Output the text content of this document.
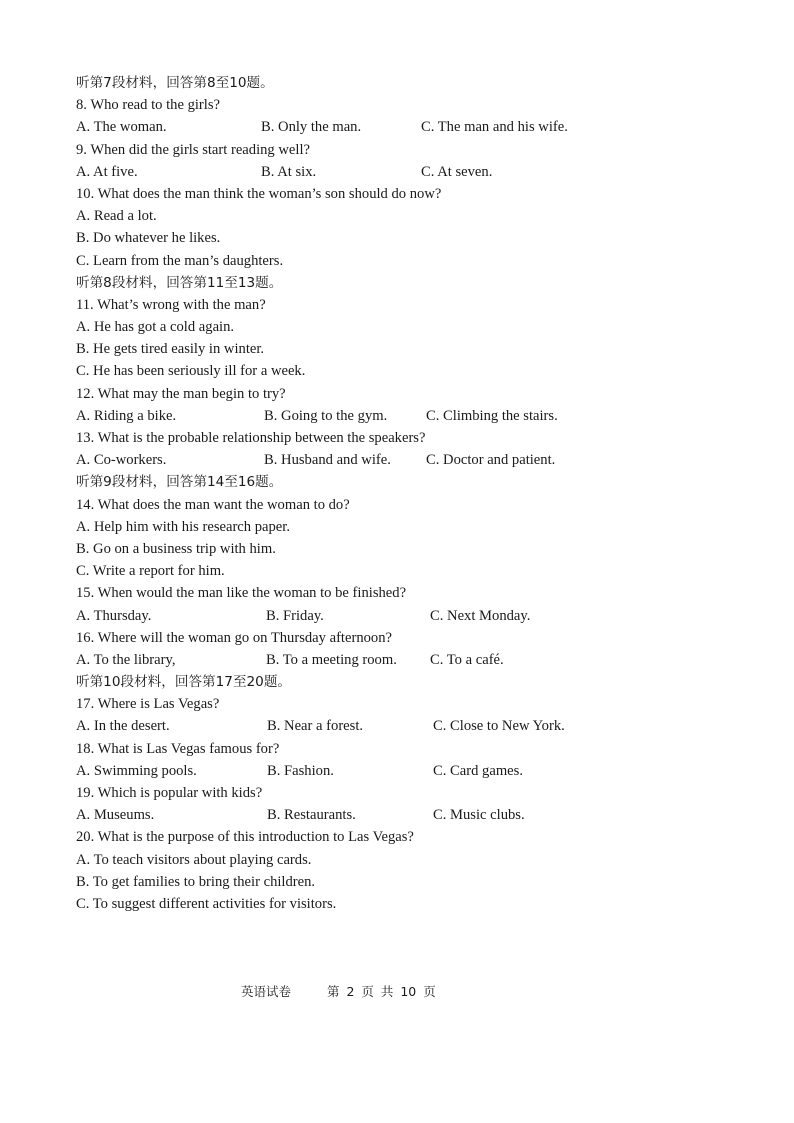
听第7段材料，回答第8至10题。
8. Who read to the girls?
A. The woman.	B. Only the man.	C. The man and his wife.
9. When did the girls start reading well?
A. At five.	B. At six.	C. At seven.
10. What does the man think the woman’s son should do now?
A. Read a lot.
B. Do whatever he likes.
C. Learn from the man’s daughters.
听第8段材料，回答第11至13题。
11. What’s wrong with the man?
A. He has got a cold again.
B. He gets tired easily in winter.
C. He has been seriously ill for a week.
12. What may the man begin to try?
A. Riding a bike.	B. Going to the gym.	C. Climbing the stairs.
13. What is the probable relationship between the speakers?
A. Co-workers.	B. Husband and wife.	C. Doctor and patient.
听第9段材料，回答第14至16题。
14. What does the man want the woman to do?
A. Help him with his research paper.
B. Go on a business trip with him.
C. Write a report for him.
15. When would the man like the woman to be finished?
A. Thursday.	B. Friday.	C. Next Monday.
16. Where will the woman go on Thursday afternoon?
A. To the library,	B. To a meeting room.	C. To a café.
听第10段材料，回答第17至20题。
17. Where is Las Vegas?
A. In the desert.	B. Near a forest.	C. Close to New York.
18. What is Las Vegas famous for?
A. Swimming pools.	B. Fashion.	C. Card games.
19. Which is popular with kids?
A. Museums.	B. Restaurants.	C. Music clubs.
20. What is the purpose of this introduction to Las Vegas?
A. To teach visitors about playing cards.
B. To get families to bring their children.
C. To suggest different activities for visitors.
英语试卷	第 2 页 共 10 页
